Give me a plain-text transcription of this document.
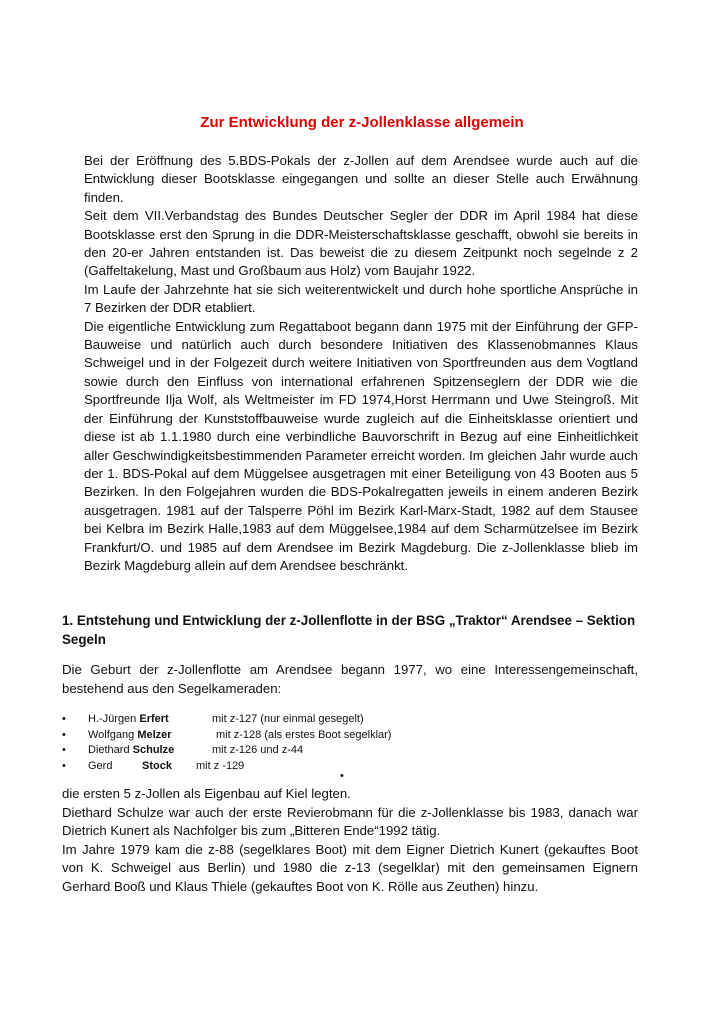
Zur Entwicklung der z-Jollenklasse allgemein

Bei der Eröffnung des 5.BDS-Pokals der z-Jollen auf dem Arendsee wurde auch auf die Entwicklung dieser Bootsklasse eingegangen und sollte an dieser Stelle auch Erwähnung finden.

Seit dem VII.Verbandstag des Bundes Deutscher Segler der DDR im April 1984 hat diese Bootsklasse erst den Sprung in die DDR-Meisterschaftsklasse geschafft, obwohl sie bereits in den 20-er Jahren entstanden ist. Das beweist die zu diesem Zeitpunkt noch segelnde z 2 (Gaffeltakelung, Mast und Großbaum aus Holz) vom Baujahr 1922.

Im Laufe der Jahrzehnte hat sie sich weiterentwickelt und durch hohe sportliche Ansprüche in 7 Bezirken der DDR etabliert.

Die eigentliche Entwicklung zum Regattaboot begann dann 1975 mit der Einführung der GFP-Bauweise und natürlich auch durch besondere Initiativen des Klassenobmannes Klaus Schweigel und in der Folgezeit durch weitere Initiativen von Sportfreunden aus dem Vogtland sowie durch den Einfluss von international erfahrenen Spitzenseglern der DDR wie die Sportfreunde Ilja Wolf, als Weltmeister im FD 1974,Horst Herrmann und Uwe Steingroß. Mit der Einführung der Kunststoffbauweise wurde zugleich auf die Einheitsklasse orientiert und diese ist ab 1.1.1980 durch eine verbindliche Bauvorschrift in Bezug auf eine Einheitlichkeit aller Geschwindigkeitsbestimmenden Parameter erreicht worden. Im gleichen Jahr wurde auch der 1. BDS-Pokal auf dem Müggelsee ausgetragen mit einer Beteiligung von 43 Booten aus 5 Bezirken. In den Folgejahren wurden die BDS-Pokalregatten jeweils in einem anderen Bezirk ausgetragen. 1981 auf der Talsperre Pöhl im Bezirk Karl-Marx-Stadt, 1982 auf dem Stausee bei Kelbra im Bezirk Halle,1983 auf dem Müggelsee,1984 auf dem Scharmützelsee im Bezirk Frankfurt/O. und 1985 auf dem Arendsee im Bezirk Magdeburg. Die z-Jollenklasse blieb im Bezirk Magdeburg allein auf dem Arendsee beschränkt.

1. Entstehung und Entwicklung der z-Jollenflotte in der BSG „Traktor“ Arendsee – Sektion Segeln

Die Geburt der z-Jollenflotte am Arendsee begann 1977, wo eine Interessengemeinschaft, bestehend aus den Segelkameraden:

• H.-Jürgen Erfert	mit z-127 (nur einmal gesegelt)
• Wolfgang Melzer	mit z-128 (als erstes Boot segelklar)
• Diethard Schulze	mit z-126 und z-44
• Gerd	Stock mit z -129
•

die ersten 5 z-Jollen als Eigenbau auf Kiel legten.

Diethard Schulze war auch der erste Revierobmann für die z-Jollenklasse bis 1983, danach war Dietrich Kunert als Nachfolger bis zum „Bitteren Ende“1992 tätig.

Im Jahre 1979 kam die z-88 (segelklares Boot) mit dem Eigner Dietrich Kunert (gekauftes Boot von K. Schweigel aus Berlin) und 1980 die z-13 (segelklar) mit den gemeinsamen Eignern Gerhard Booß und Klaus Thiele (gekauftes Boot von K. Rölle aus Zeuthen) hinzu.
